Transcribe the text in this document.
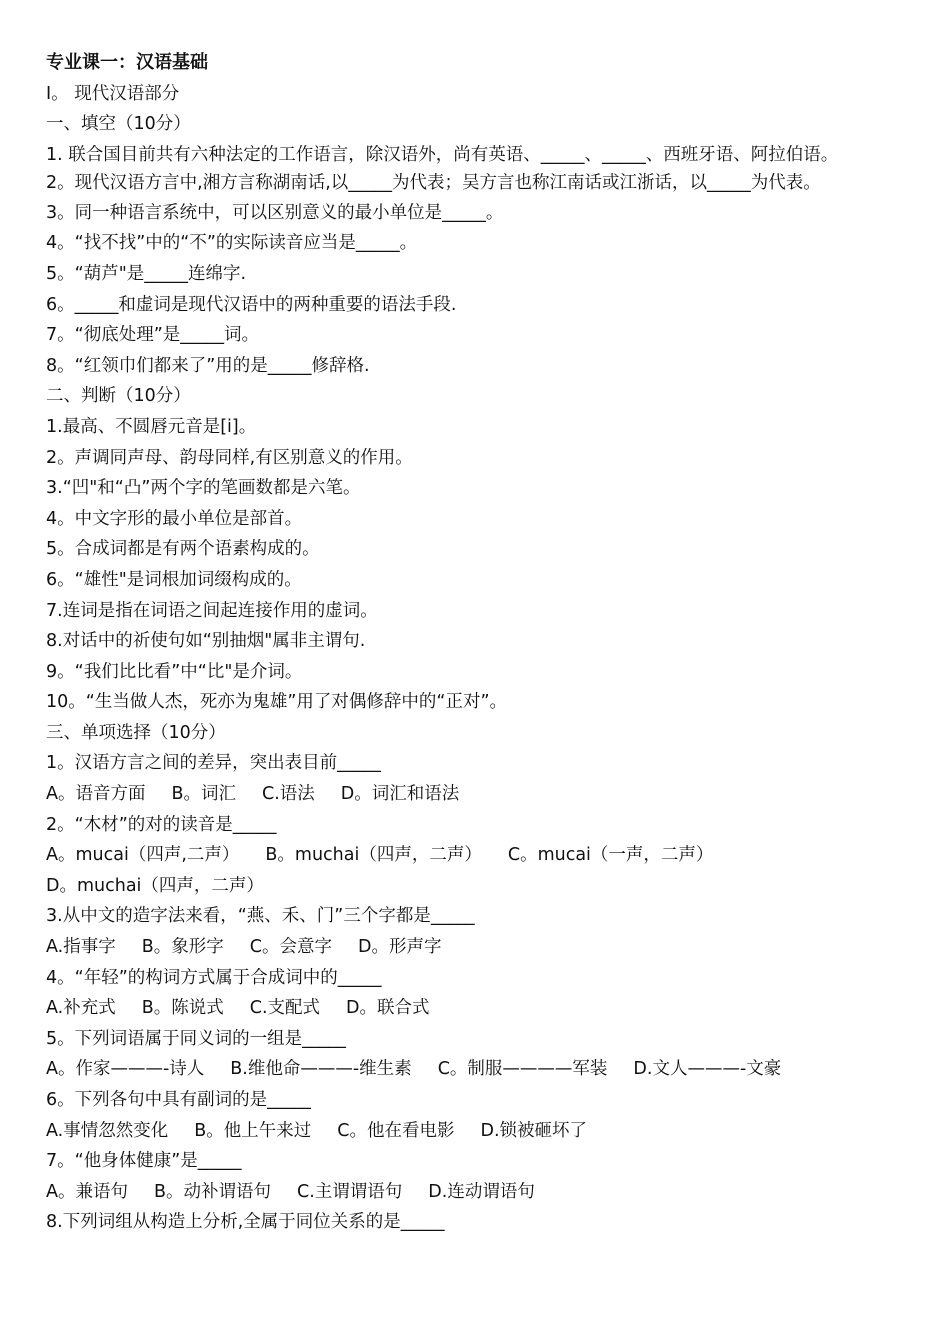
专业课一：汉语基础
I。 现代汉语部分
一、填空（10分）
1. 联合国目前共有六种法定的工作语言，除汉语外，尚有英语、_____、_____、西班牙语、阿拉伯语。
2。现代汉语方言中,湘方言称湖南话,以_____为代表；吴方言也称江南话或江浙话，以_____为代表。
3。同一种语言系统中，可以区别意义的最小单位是_____。
4。“找不找”中的“不”的实际读音应当是_____。
5。“葫芦"是_____连绵字.
6。_____和虚词是现代汉语中的两种重要的语法手段.
7。“彻底处理”是_____词。
8。“红领巾们都来了”用的是_____修辞格.
二、判断（10分）
1.最高、不圆唇元音是[i]。
2。声调同声母、韵母同样,有区别意义的作用。
3.“凹"和“凸”两个字的笔画数都是六笔。
4。中文字形的最小单位是部首。
5。合成词都是有两个语素构成的。
6。“雄性"是词根加词缀构成的。
7.连词是指在词语之间起连接作用的虚词。
8.对话中的祈使句如“别抽烟"属非主谓句.
9。“我们比比看”中“比"是介词。
10。“生当做人杰，死亦为鬼雄”用了对偶修辞中的“正对”。
三、单项选择（10分）
1。汉语方言之间的差异，突出表目前_____
A。语音方面 B。词汇 C.语法 D。词汇和语法
2。“木材”的对的读音是_____
A。mucai（四声,二声） B。muchai（四声，二声） C。mucai（一声，二声）
D。muchai（四声，二声）
3.从中文的造字法来看，“燕、禾、门”三个字都是_____
A.指事字 B。象形字 C。会意字 D。形声字
4。“年轻”的构词方式属于合成词中的_____
A.补充式 B。陈说式 C.支配式 D。联合式
5。下列词语属于同义词的一组是_____
A。作家———-诗人 B.维他命———-维生素 C。制服————军装 D.文人———-文豪
6。下列各句中具有副词的是_____
A.事情忽然变化 B。他上午来过 C。他在看电影 D.锁被砸坏了
7。“他身体健康”是_____
A。兼语句 B。动补谓语句 C.主谓谓语句 D.连动谓语句
8.下列词组从构造上分析,全属于同位关系的是_____
